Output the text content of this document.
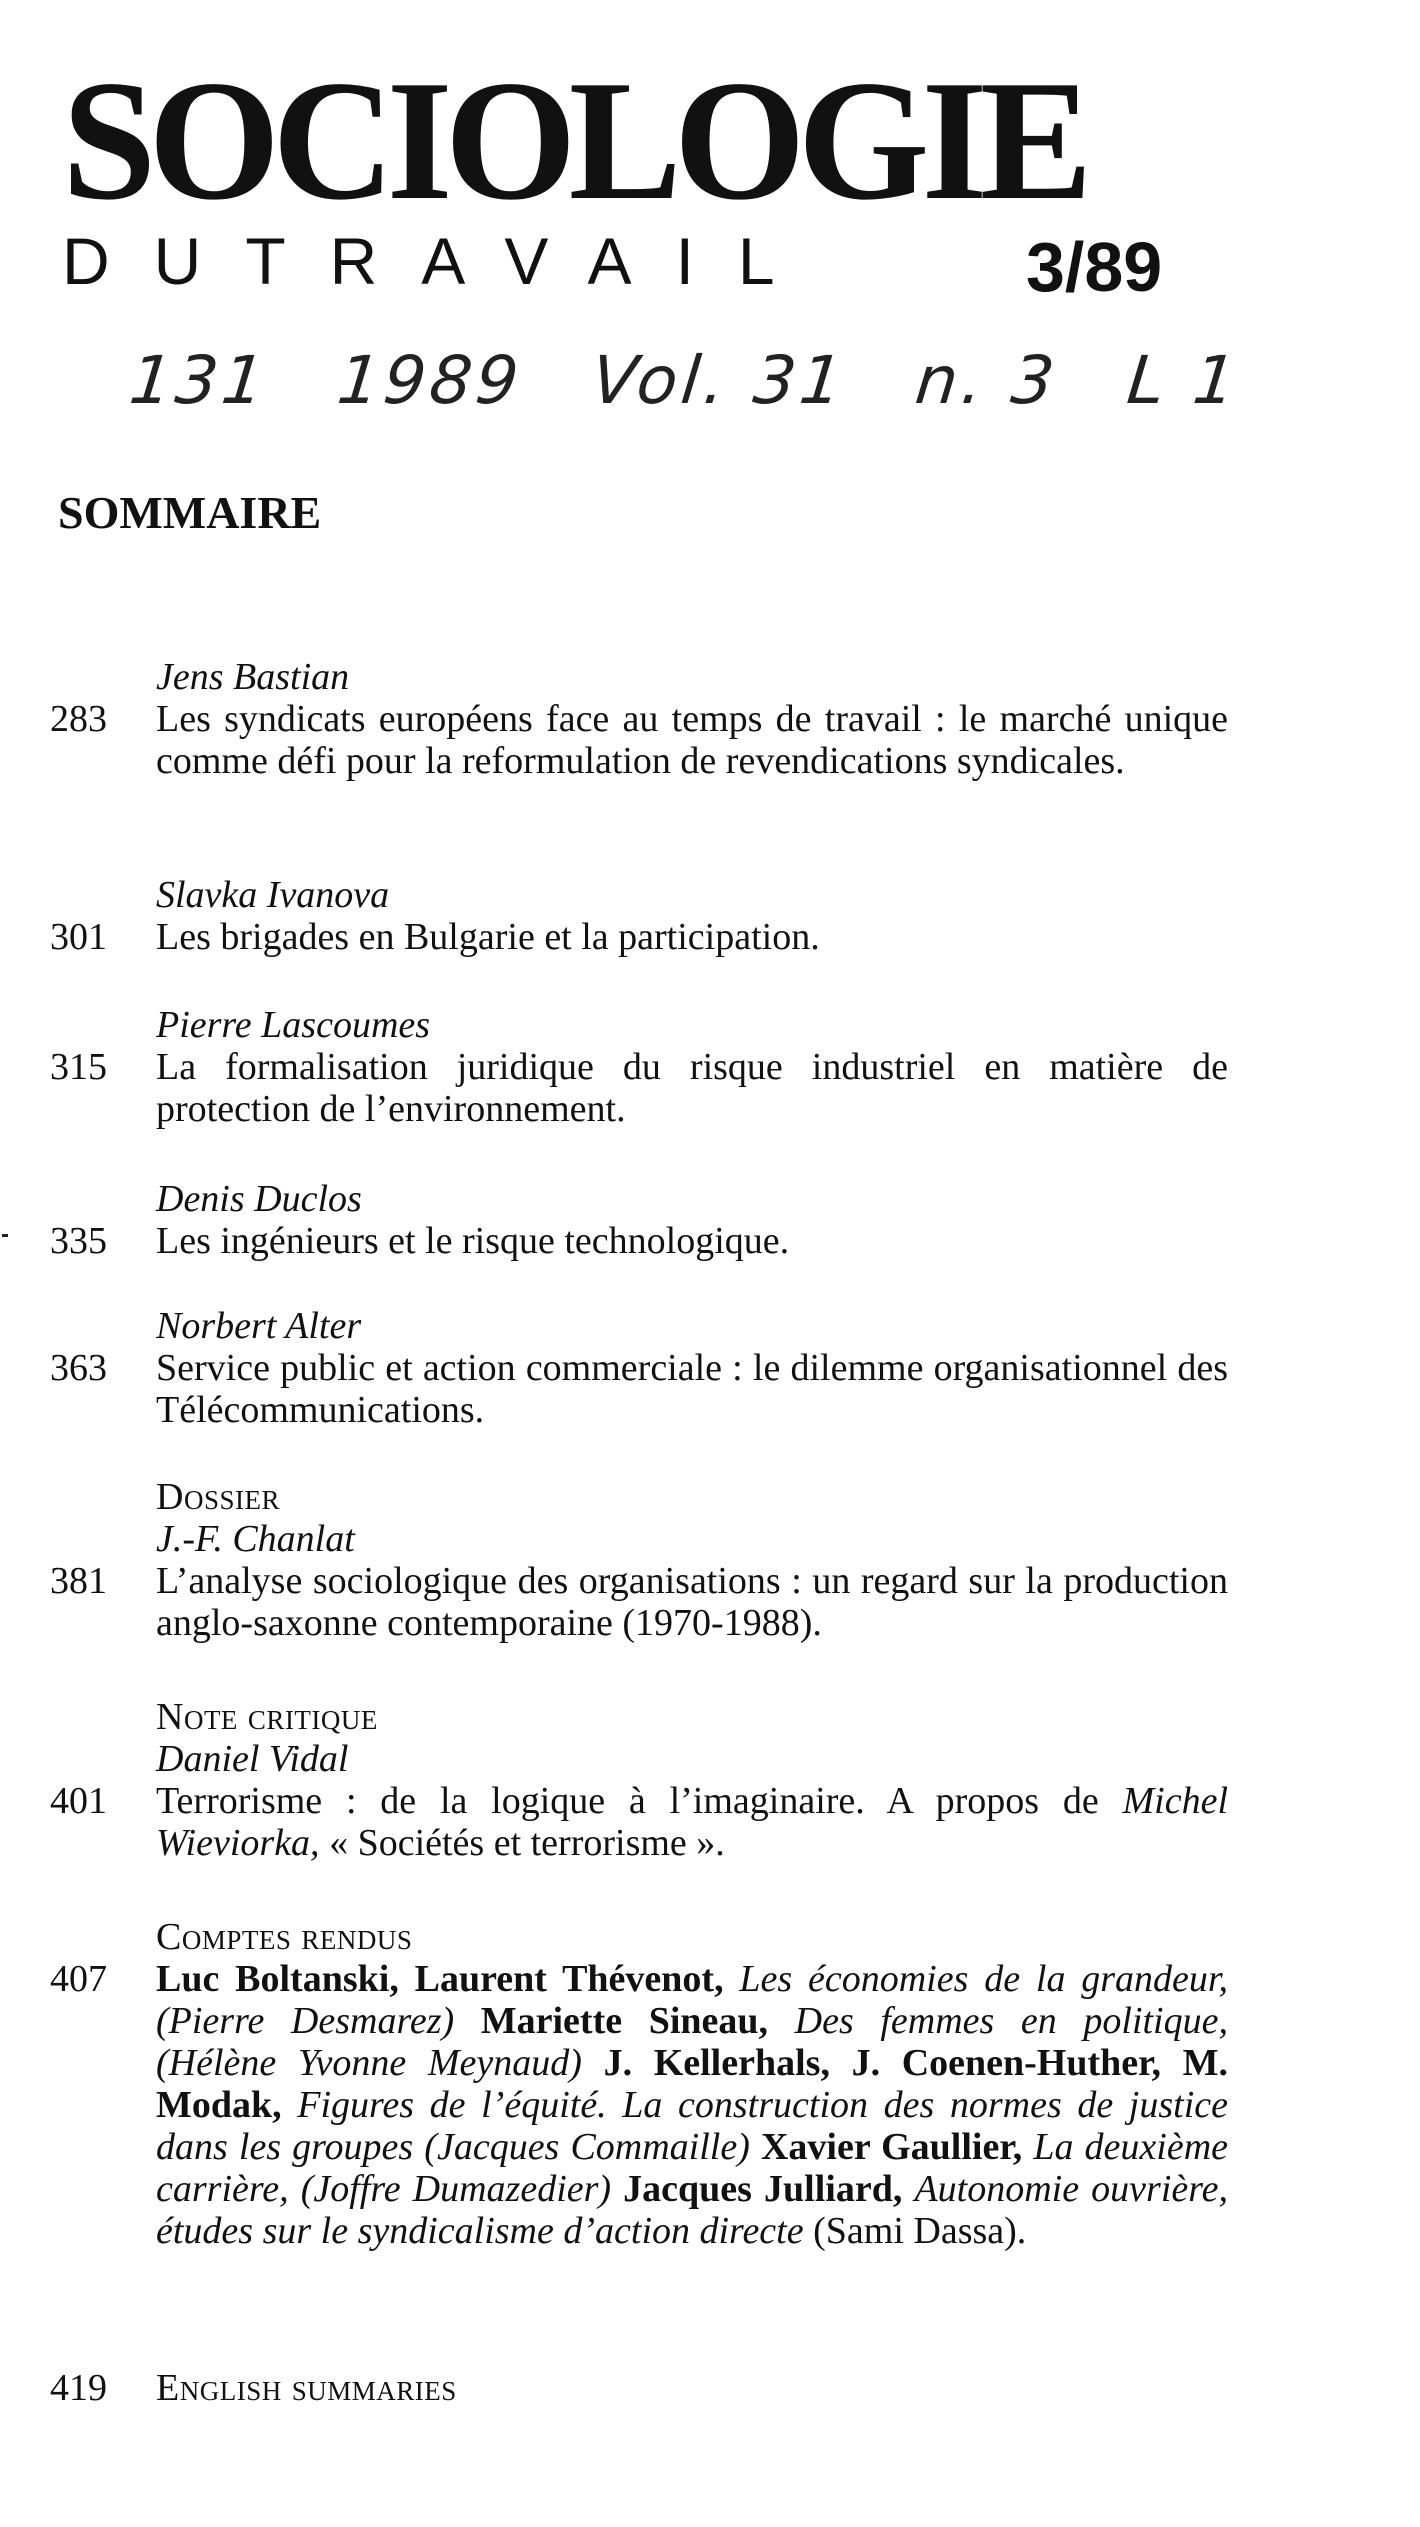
SOCIOLOGIE
DUTRAVAIL	3/89
131 1989 Vol. 31 n. 3 L 1
SOMMAIRE
283
Jens Bastian
Les syndicats européens face au temps de travail : le marché unique comme défi pour la reformulation de revendications syndicales.
301
Slavka Ivanova
Les brigades en Bulgarie et la participation.
315
Pierre Lascoumes
La formalisation juridique du risque industriel en matière de protection de l’environnement.
335
Denis Duclos
Les ingénieurs et le risque technologique.
363
Norbert Alter
Service public et action commerciale : le dilemme organisationnel des Télécommunications.
381
Dossier
J.-F. Chanlat
L’analyse sociologique des organisations : un regard sur la production anglo-saxonne contemporaine (1970-1988).
401
Note critique
Daniel Vidal
Terrorisme : de la logique à l’imaginaire. A propos de Michel Wieviorka, « Sociétés et terrorisme ».
407
Comptes rendus
Luc Boltanski, Laurent Thévenot, Les économies de la grandeur, (Pierre Desmarez) Mariette Sineau, Des femmes en politique, (Hélène Yvonne Meynaud) J. Kellerhals, J. Coenen-Huther, M. Modak, Figures de l’équité. La construction des normes de justice dans les groupes (Jacques Commaille) Xavier Gaullier, La deuxième carrière, (Joffre Dumazedier) Jacques Julliard, Autonomie ouvrière, études sur le syndicalisme d’action directe (Sami Dassa).
419	English summaries
